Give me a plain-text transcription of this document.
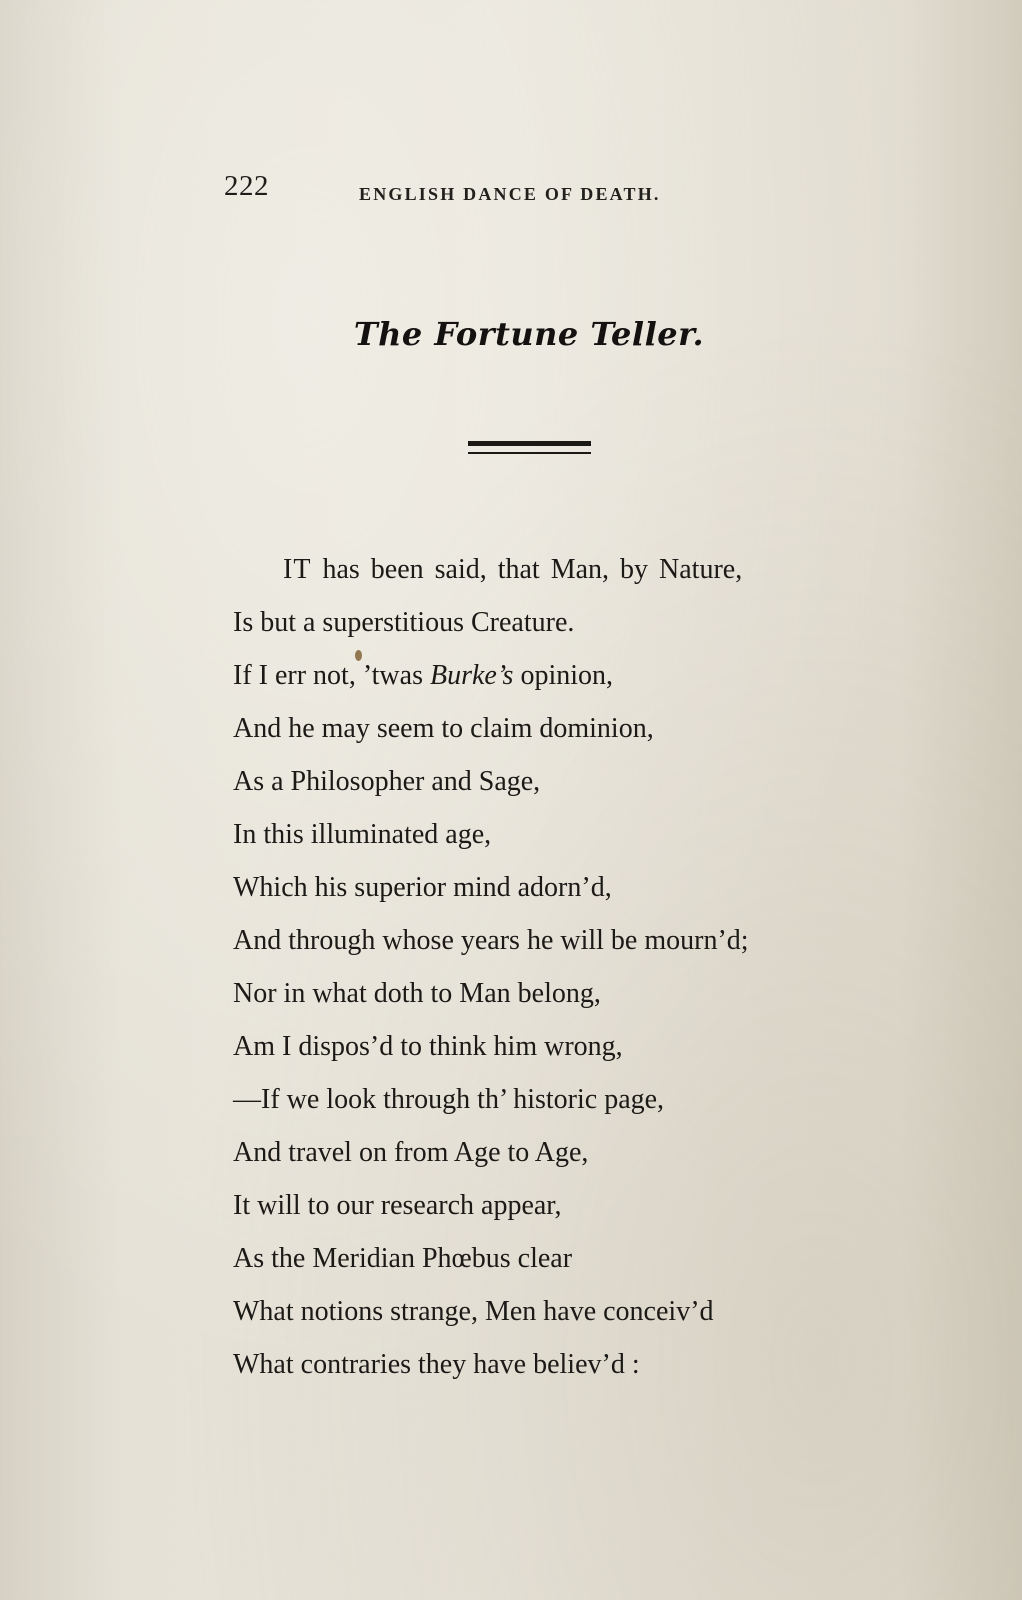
222	ENGLISH DANCE OF DEATH.
The Fortune Teller.
IT has been said, that Man, by Nature,
Is but a superstitious Creature.
If I err not, ’twas Burke’s opinion,
And he may seem to claim dominion,
As a Philosopher and Sage,
In this illuminated age,
Which his superior mind adorn’d,
And through whose years he will be mourn’d;
Nor in what doth to Man belong,
Am I dispos’d to think him wrong,
—If we look through th’ historic page,
And travel on from Age to Age,
It will to our research appear,
As the Meridian Phœbus clear
What notions strange, Men have conceiv’d
What contraries they have believ’d :
